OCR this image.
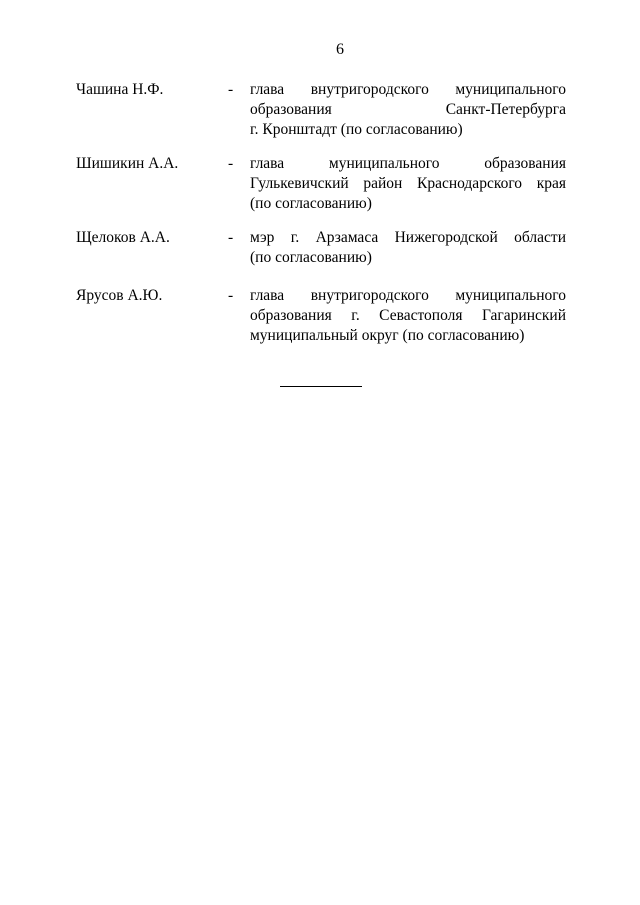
6
Чашина Н.Ф.	- глава внутригородского муниципального
образования Санкт-Петербурга
г. Кронштадт (по согласованию)
Шишикин А.А.	- глава муниципального образования
Гулькевичский район Краснодарского края
(по согласованию)
Щелоков А.А.	- мэр г. Арзамаса Нижегородской области
(по согласованию)
Ярусов А.Ю.	- глава внутригородского муниципального
образования г. Севастополя Гагаринский
муниципальный округ (по согласованию)
